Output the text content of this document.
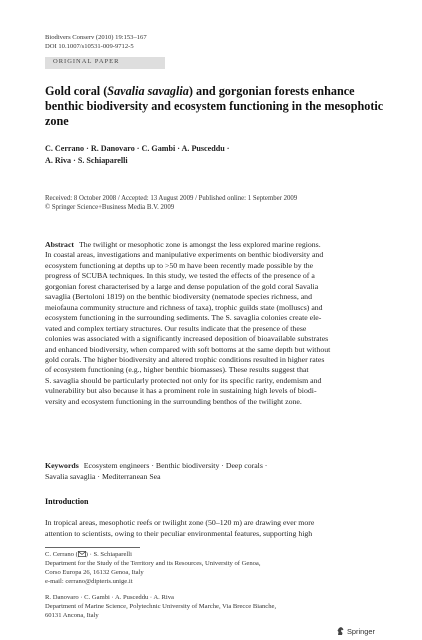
Biodivers Conserv (2010) 19:153–167
DOI 10.1007/s10531-009-9712-5
ORIGINAL PAPER
Gold coral (Savalia savaglia) and gorgonian forests enhance benthic biodiversity and ecosystem functioning in the mesophotic zone
C. Cerrano · R. Danovaro · C. Gambi · A. Pusceddu ·
A. Riva · S. Schiaparelli
Received: 8 October 2008 / Accepted: 13 August 2009 / Published online: 1 September 2009
© Springer Science+Business Media B.V. 2009
Abstract The twilight or mesophotic zone is amongst the less explored marine regions.
In coastal areas, investigations and manipulative experiments on benthic biodiversity and
ecosystem functioning at depths up to >50 m have been recently made possible by the
progress of SCUBA techniques. In this study, we tested the effects of the presence of a
gorgonian forest characterised by a large and dense population of the gold coral Savalia
savaglia (Bertoloni 1819) on the benthic biodiversity (nematode species richness, and
meiofauna community structure and richness of taxa), trophic guilds state (molluscs) and
ecosystem functioning in the surrounding sediments. The S. savaglia colonies create ele-
vated and complex tertiary structures. Our results indicate that the presence of these
colonies was associated with a significantly increased deposition of bioavailable substrates
and enhanced biodiversity, when compared with soft bottoms at the same depth but without
gold corals. The higher biodiversity and altered trophic conditions resulted in higher rates
of ecosystem functioning (e.g., higher benthic biomasses). These results suggest that
S. savaglia should be particularly protected not only for its specific rarity, endemism and
vulnerability but also because it has a prominent role in sustaining high levels of biodi-
versity and ecosystem functioning in the surrounding benthos of the twilight zone.
Keywords Ecosystem engineers · Benthic biodiversity · Deep corals ·
Savalia savaglia · Mediterranean Sea
Introduction
In tropical areas, mesophotic reefs or twilight zone (50–120 m) are drawing ever more
attention to scientists, owing to their peculiar environmental features, supporting high
C. Cerrano ( ) · S. Schiaparelli
Department for the Study of the Territory and its Resources, University of Genoa,
Corso Europa 26, 16132 Genoa, Italy
e-mail: cerrano@dipteris.unige.it
R. Danovaro · C. Gambi · A. Pusceddu · A. Riva
Department of Marine Science, Polytechnic University of Marche, Via Brecce Bianche,
60131 Ancona, Italy
Springer
